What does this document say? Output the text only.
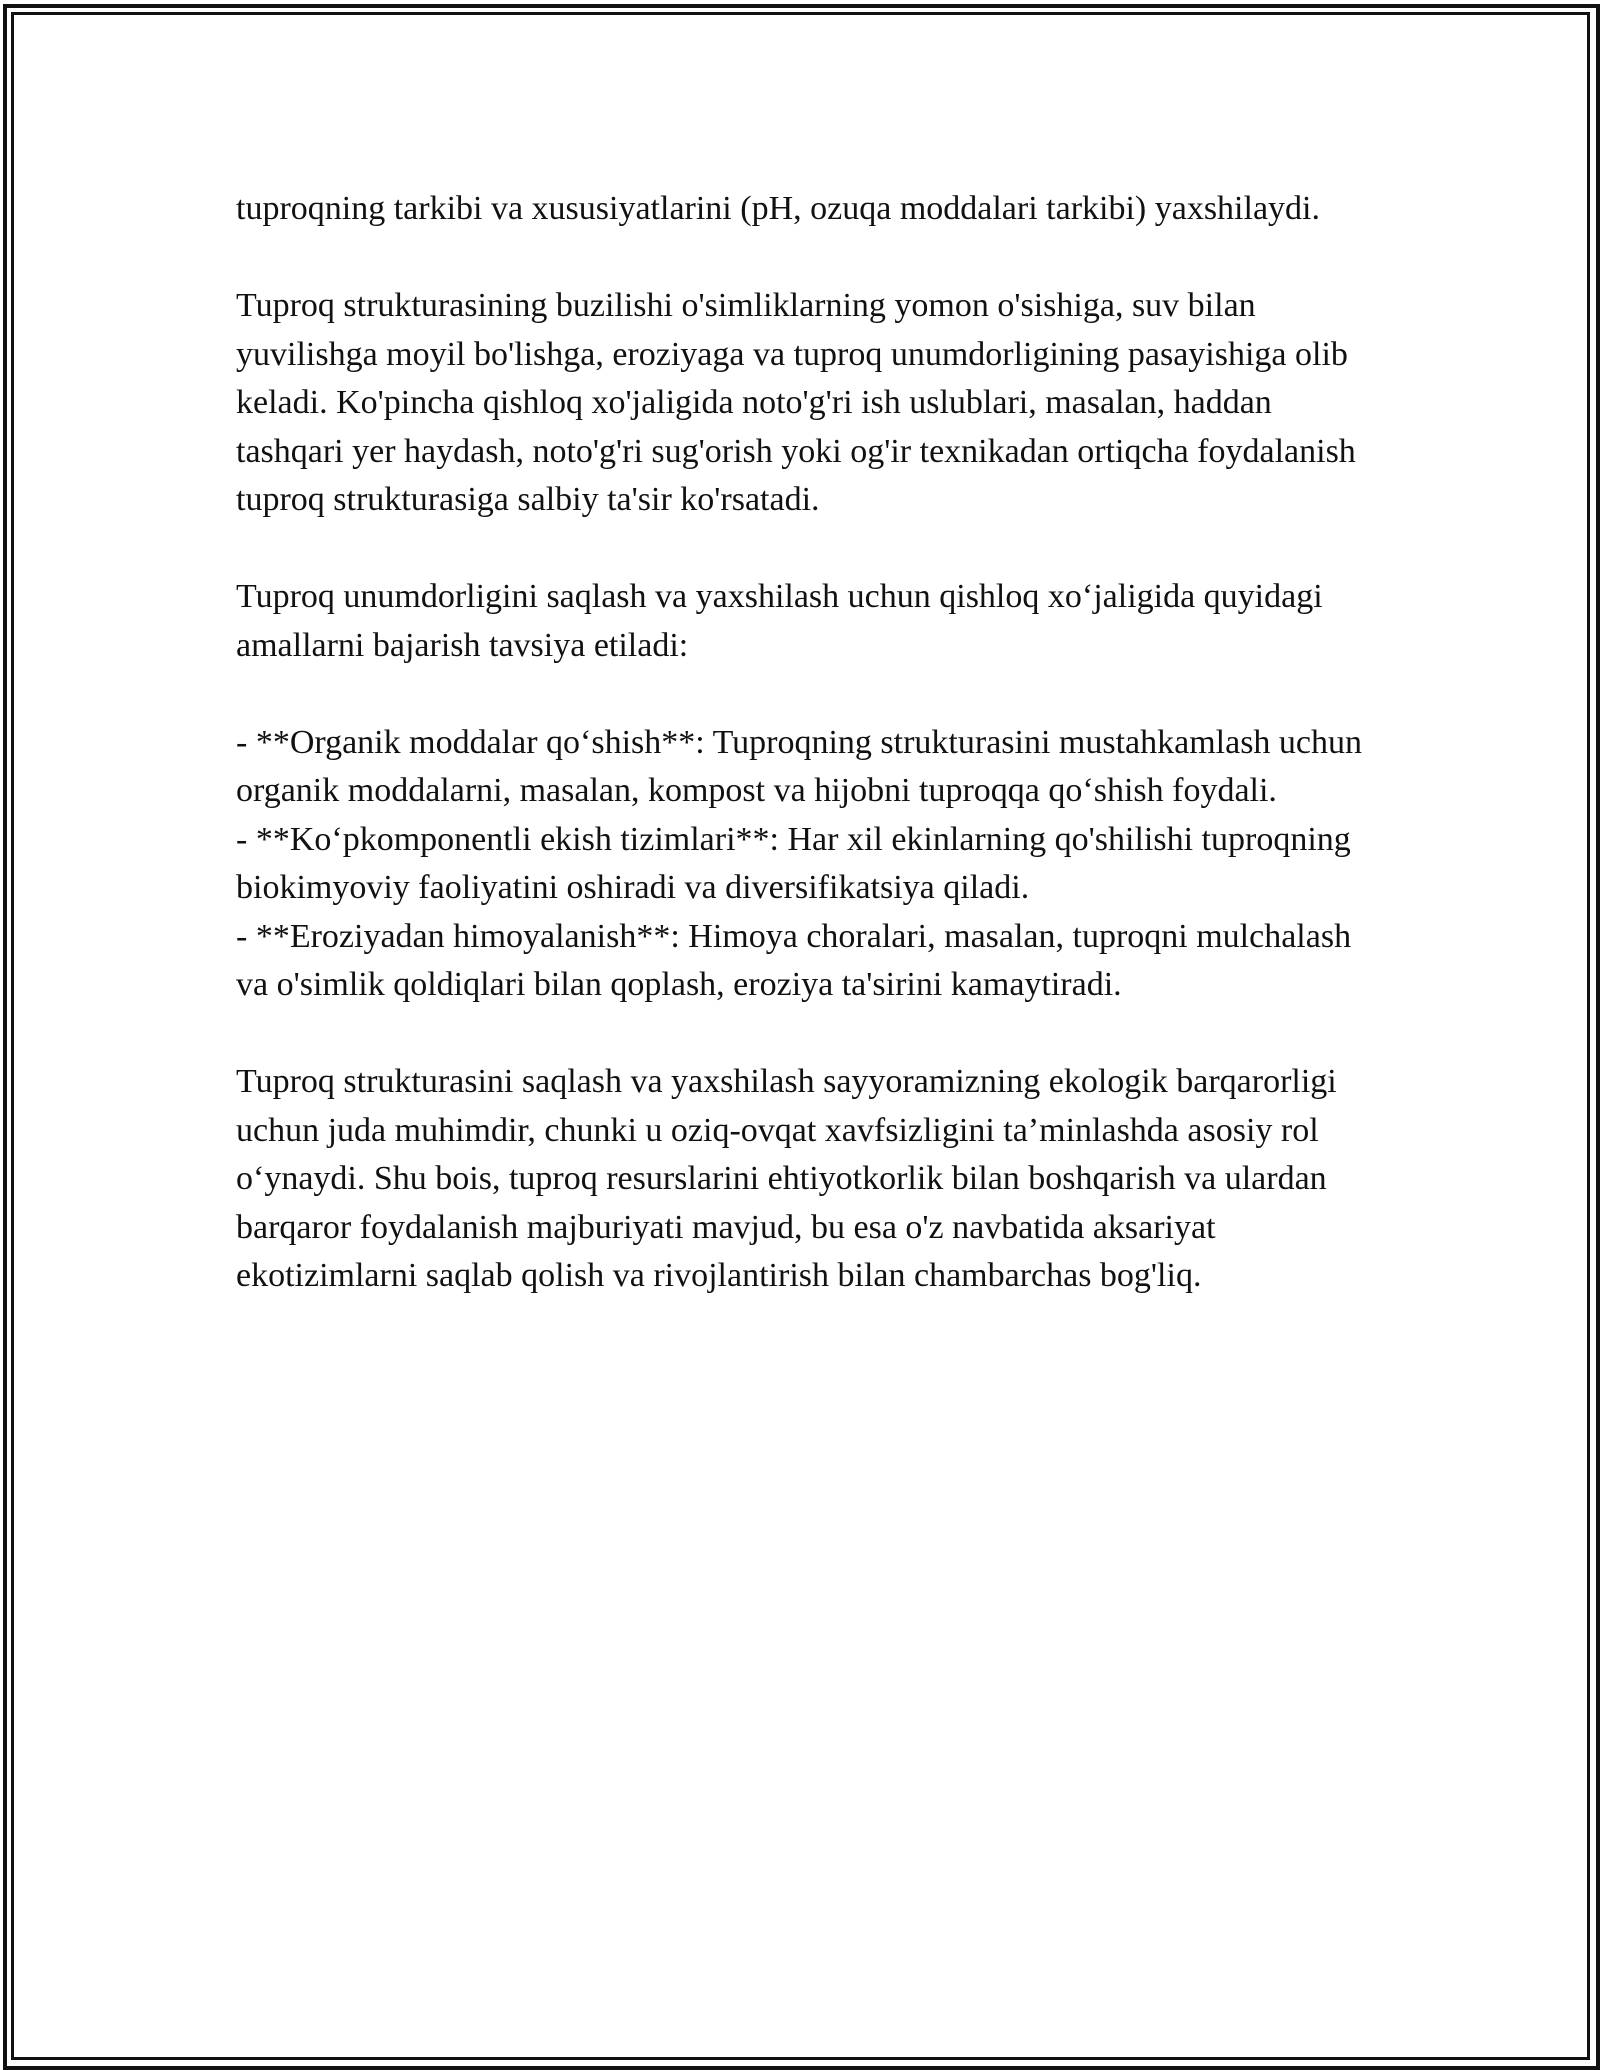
tuproqning tarkibi va xususiyatlarini (pH, ozuqa moddalari tarkibi) yaxshilaydi.

Tuproq strukturasining buzilishi o'simliklarning yomon o'sishiga, suv bilan yuvilishga moyil bo'lishga, eroziyaga va tuproq unumdorligining pasayishiga olib keladi. Ko'pincha qishloq xo'jaligida noto'g'ri ish uslublari, masalan, haddan tashqari yer haydash, noto'g'ri sug'orish yoki og'ir texnikadan ortiqcha foydalanish tuproq strukturasiga salbiy ta'sir ko'rsatadi.

Tuproq unumdorligini saqlash va yaxshilash uchun qishloq xo‘jaligida quyidagi amallarni bajarish tavsiya etiladi:

- **Organik moddalar qo‘shish**: Tuproqning strukturasini mustahkamlash uchun organik moddalarni, masalan, kompost va hijobni tuproqqa qo‘shish foydali.
- **Ko‘pkomponentli ekish tizimlari**: Har xil ekinlarning qo'shilishi tuproqning biokimyoviy faoliyatini oshiradi va diversifikatsiya qiladi.
- **Eroziyadan himoyalanish**: Himoya choralari, masalan, tuproqni mulchalash va o'simlik qoldiqlari bilan qoplash, eroziya ta'sirini kamaytiradi.

Tuproq strukturasini saqlash va yaxshilash sayyoramizning ekologik barqarorligi uchun juda muhimdir, chunki u oziq-ovqat xavfsizligini ta’minlashda asosiy rol o‘ynaydi. Shu bois, tuproq resurslarini ehtiyotkorlik bilan boshqarish va ulardan barqaror foydalanish majburiyati mavjud, bu esa o'z navbatida aksariyat ekotizimlarni saqlab qolish va rivojlantirish bilan chambarchas bog'liq.
